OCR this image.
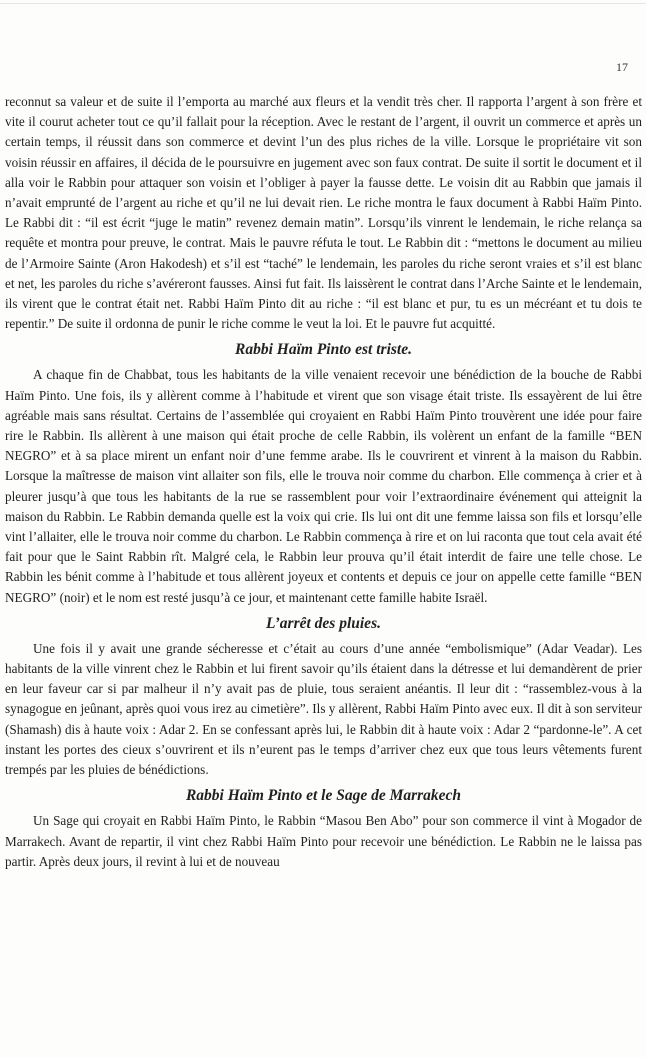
17

reconnut sa valeur et de suite il l’emporta au marché aux fleurs et la vendit très cher. Il rapporta l’argent à son frère et vite il courut acheter tout ce qu’il fallait pour la réception. Avec le restant de l’argent, il ouvrit un commerce et après un certain temps, il réussit dans son commerce et devint l’un des plus riches de la ville. Lorsque le propriétaire vit son voisin réussir en affaires, il décida de le poursuivre en jugement avec son faux contrat. De suite il sortit le document et il alla voir le Rabbin pour attaquer son voisin et l’obliger à payer la fausse dette. Le voisin dit au Rabbin que jamais il n’avait emprunté de l’argent au riche et qu’il ne lui devait rien. Le riche montra le faux document à Rabbi Haïm Pinto. Le Rabbi dit : “il est écrit “juge le matin” revenez demain matin”. Lorsqu’ils vinrent le lendemain, le riche relança sa requête et montra pour preuve, le contrat. Mais le pauvre réfuta le tout. Le Rabbin dit : “mettons le document au milieu de l’Armoire Sainte (Aron Hakodesh) et s’il est “taché” le lendemain, les paroles du riche seront vraies et s’il est blanc et net, les paroles du riche s’avéreront fausses. Ainsi fut fait. Ils laissèrent le contrat dans l’Arche Sainte et le lendemain, ils virent que le contrat était net. Rabbi Haïm Pinto dit au riche : “il est blanc et pur, tu es un mécréant et tu dois te repentir.” De suite il ordonna de punir le riche comme le veut la loi. Et le pauvre fut acquitté.

Rabbi Haïm Pinto est triste.

A chaque fin de Chabbat, tous les habitants de la ville venaient recevoir une bénédiction de la bouche de Rabbi Haïm Pinto. Une fois, ils y allèrent comme à l’habitude et virent que son visage était triste. Ils essayèrent de lui être agréable mais sans résultat. Certains de l’assemblée qui croyaient en Rabbi Haïm Pinto trouvèrent une idée pour faire rire le Rabbin. Ils allèrent à une maison qui était proche de celle Rabbin, ils volèrent un enfant de la famille “BEN NEGRO” et à sa place mirent un enfant noir d’une femme arabe. Ils le couvrirent et vinrent à la maison du Rabbin. Lorsque la maîtresse de maison vint allaiter son fils, elle le trouva noir comme du charbon. Elle commença à crier et à pleurer jusqu’à que tous les habitants de la rue se rassemblent pour voir l’extraordinaire événement qui atteignit la maison du Rabbin. Le Rabbin demanda quelle est la voix qui crie. Ils lui ont dit une femme laissa son fils et lorsqu’elle vint l’allaiter, elle le trouva noir comme du charbon. Le Rabbin commença à rire et on lui raconta que tout cela avait été fait pour que le Saint Rabbin rît. Malgré cela, le Rabbin leur prouva qu’il était interdit de faire une telle chose. Le Rabbin les bénit comme à l’habitude et tous allèrent joyeux et contents et depuis ce jour on appelle cette famille “BEN NEGRO” (noir) et le nom est resté jusqu’à ce jour, et maintenant cette famille habite Israël.

L’arrêt des pluies.

Une fois il y avait une grande sécheresse et c’était au cours d’une année “embolismique” (Adar Veadar). Les habitants de la ville vinrent chez le Rabbin et lui firent savoir qu’ils étaient dans la détresse et lui demandèrent de prier en leur faveur car si par malheur il n’y avait pas de pluie, tous seraient anéantis. Il leur dit : “rassemblez-vous à la synagogue en jeûnant, après quoi vous irez au cimetière”. Ils y allèrent, Rabbi Haïm Pinto avec eux. Il dit à son serviteur (Shamash) dis à haute voix : Adar 2. En se confessant après lui, le Rabbin dit à haute voix : Adar 2 “pardonne-le”. A cet instant les portes des cieux s’ouvrirent et ils n’eurent pas le temps d’arriver chez eux que tous leurs vêtements furent trempés par les pluies de bénédictions.

Rabbi Haïm Pinto et le Sage de Marrakech

Un Sage qui croyait en Rabbi Haïm Pinto, le Rabbin “Masou Ben Abo” pour son commerce il vint à Mogador de Marrakech. Avant de repartir, il vint chez Rabbi Haïm Pinto pour recevoir une bénédiction. Le Rabbin ne le laissa pas partir. Après deux jours, il revint à lui et de nouveau
